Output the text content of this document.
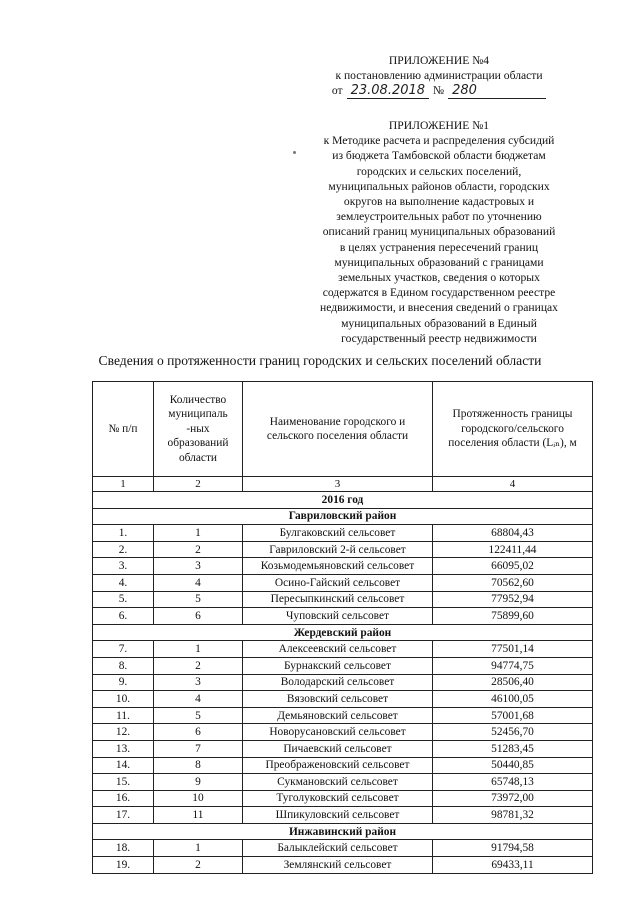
ПРИЛОЖЕНИЕ №4
к постановлению администрации области
от 23.08.2018 № 280
ПРИЛОЖЕНИЕ №1
к Методике расчета и распределения субсидий
из бюджета Тамбовской области бюджетам
городских и сельских поселений,
муниципальных районов области, городских
округов на выполнение кадастровых и
землеустроительных работ по уточнению
описаний границ муниципальных образований
в целях устранения пересечений границ
муниципальных образований с границами
земельных участков, сведения о которых
содержатся в Едином государственном реестре
недвижимости, и внесения сведений о границах
муниципальных образований в Единый
государственный реестр недвижимости
Сведения о протяженности границ городских и сельских поселений области
№ п/п	Количество муниципаль -ных образований области	Наименование городского и сельского поселения области	Протяженность границы городского/сельского поселения области (Lᵢₙ), м
1	2	3	4
2016 год			
Гавриловский район			
1.	1	Булгаковский сельсовет	68804,43
2.	2	Гавриловский 2-й сельсовет	122411,44
3.	3	Козьмодемьяновский сельсовет	66095,02
4.	4	Осино-Гайский сельсовет	70562,60
5.	5	Пересыпкинский сельсовет	77952,94
6.	6	Чуповский сельсовет	75899,60
Жердевский район			
7.	1	Алексеевский сельсовет	77501,14
8.	2	Бурнакский сельсовет	94774,75
9.	3	Володарский сельсовет	28506,40
10.	4	Вязовский сельсовет	46100,05
11.	5	Демьяновский сельсовет	57001,68
12.	6	Новорусановский сельсовет	52456,70
13.	7	Пичаевский сельсовет	51283,45
14.	8	Преображеновский сельсовет	50440,85
15.	9	Сукмановский сельсовет	65748,13
16.	10	Туголуковский сельсовет	73972,00
17.	11	Шпикуловский сельсовет	98781,32
Инжавинский район			
18.	1	Балыклейский сельсовет	91794,58
19.	2	Землянский сельсовет	69433,11
